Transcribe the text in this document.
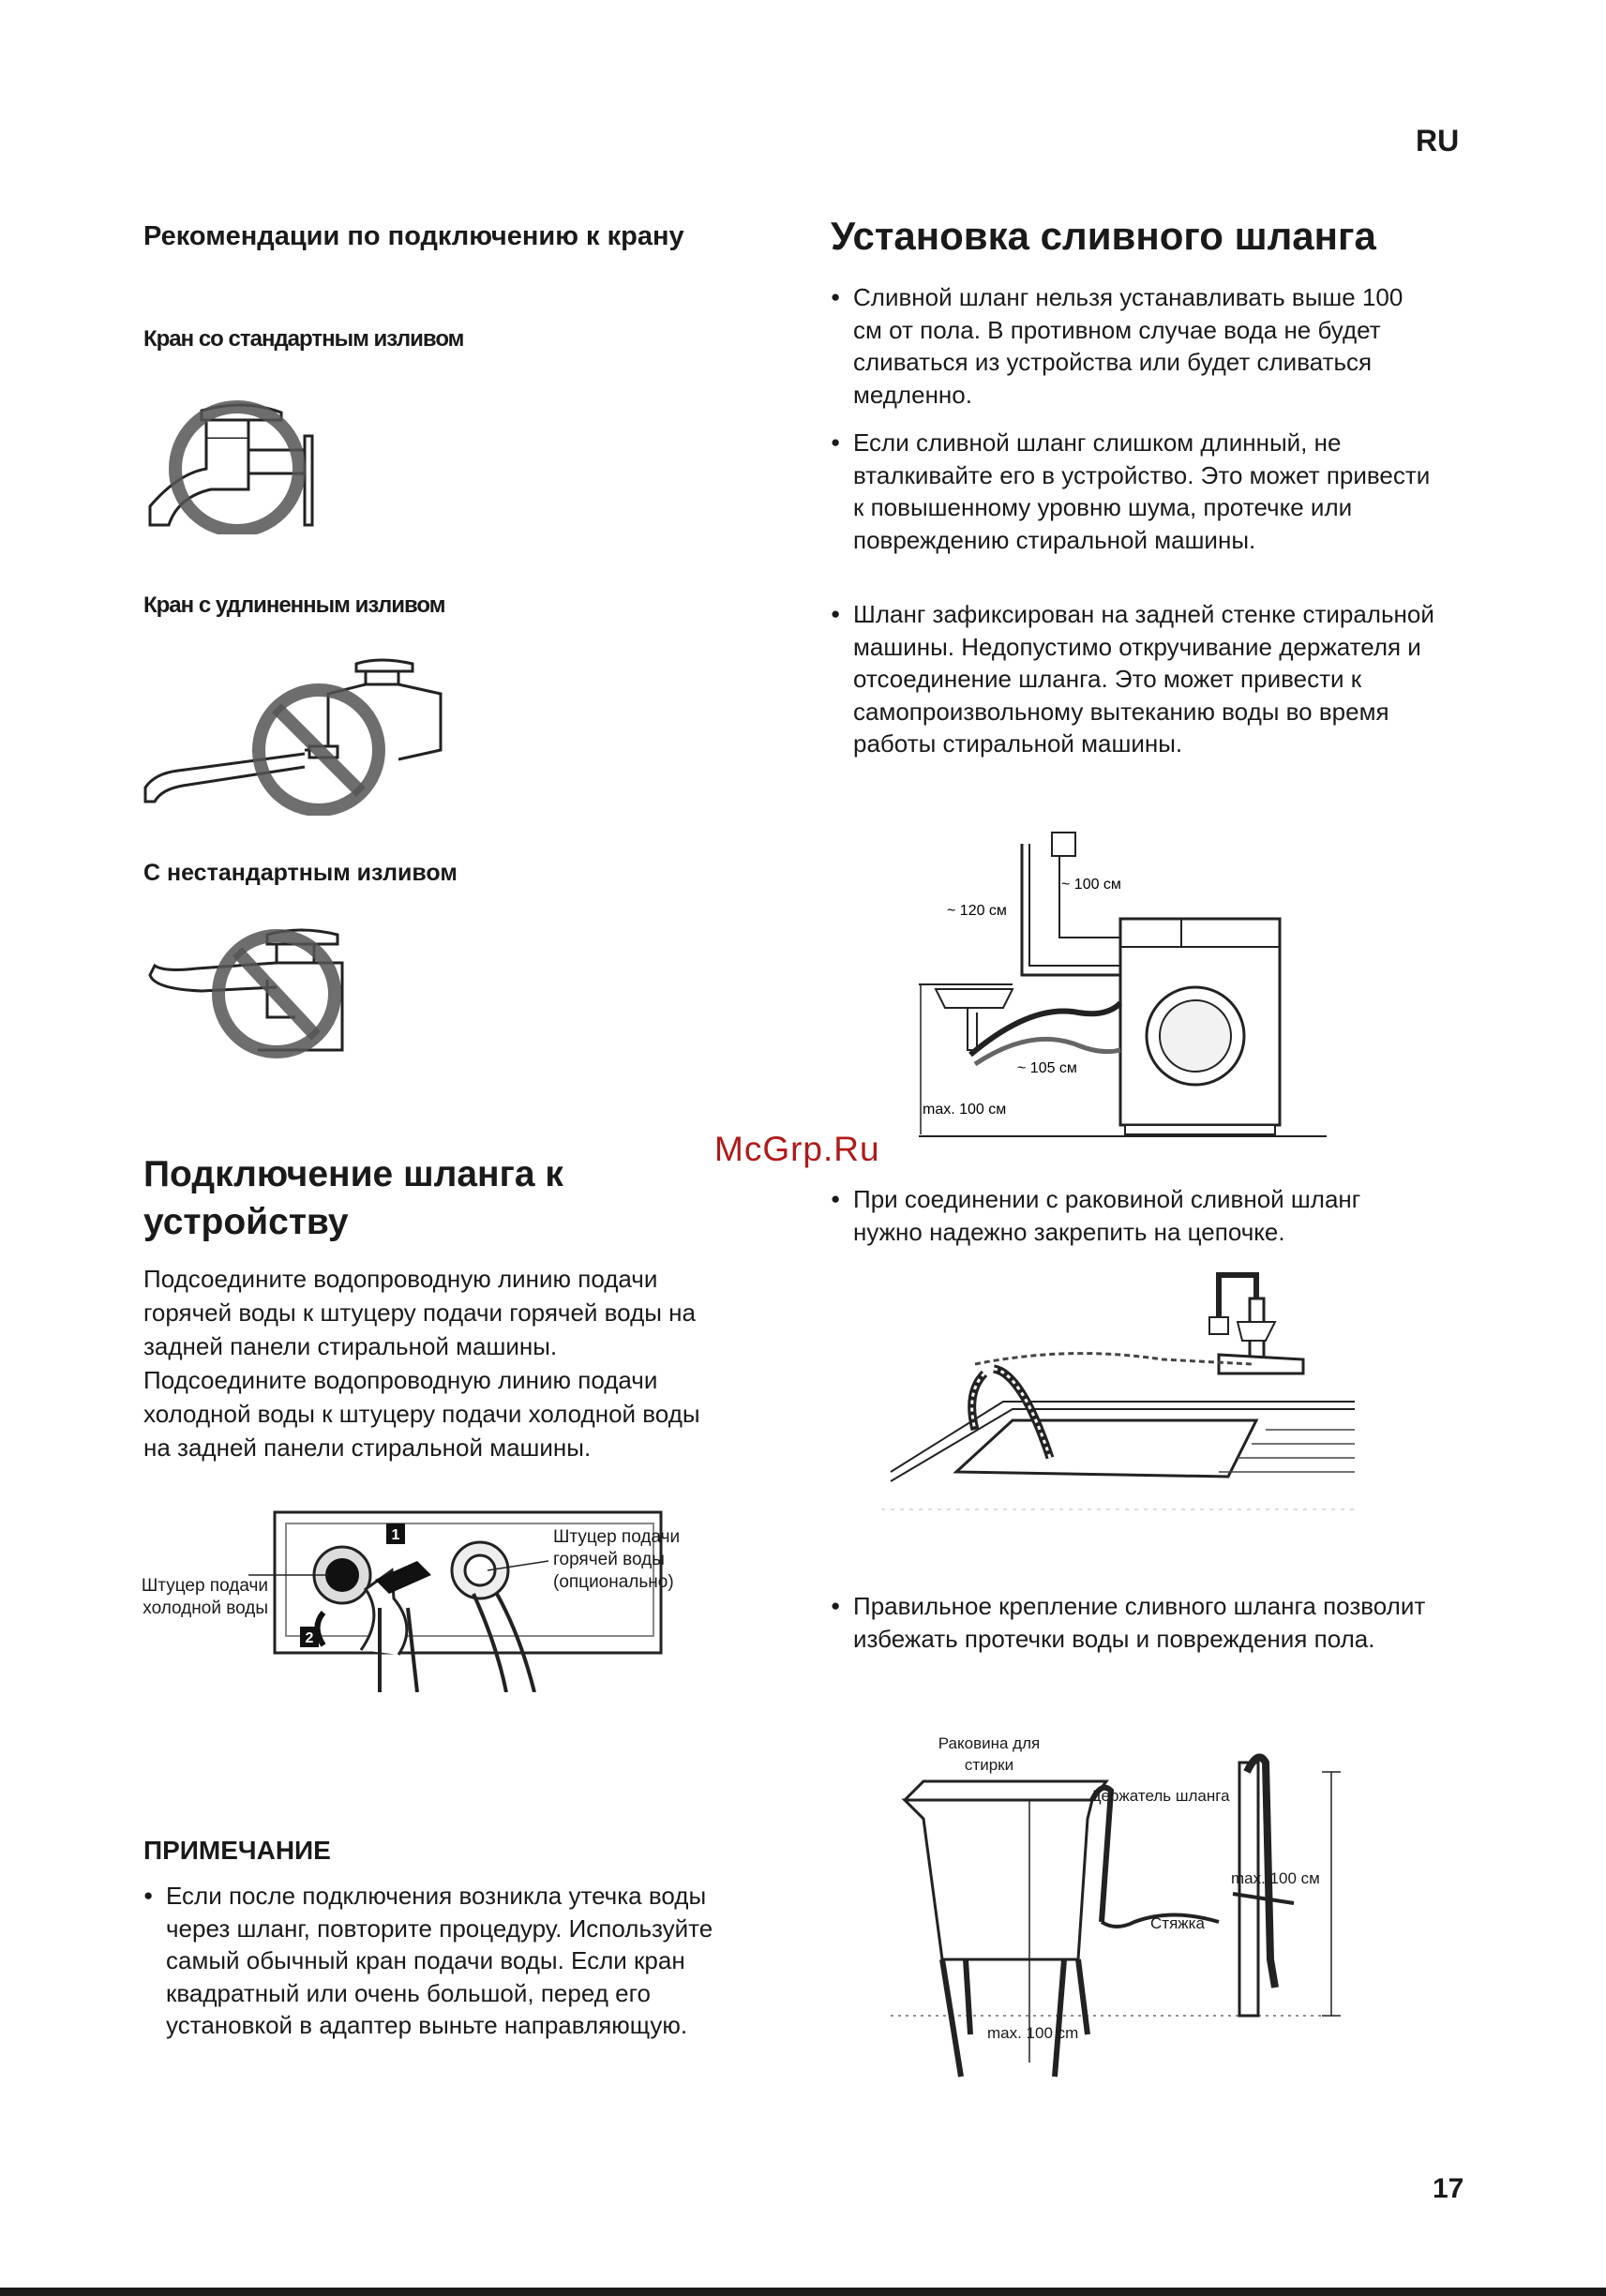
RU
17
McGrp.Ru
Рекомендации по подключению к крану
Кран со стандартным изливом
Кран с удлиненным изливом
С нестандартным изливом
Подключение шланга к устройству
Подсоедините водопроводную линию подачи горячей воды к штуцеру подачи горячей воды на задней панели стиральной машины. Подсоедините водопроводную линию подачи холодной воды к штуцеру подачи холодной воды на задней панели стиральной машины.
1
2
Штуцер подачи холодной воды
Штуцер подачи горячей воды (опционально)
ПРИМЕЧАНИЕ
● Если после подключения возникла утечка воды через шланг, повторите процедуру. Используйте самый обычный кран подачи воды. Если кран квадратный или очень большой, перед его установкой в адаптер выньте направляющую.
Установка сливного шланга
● Сливной шланг нельзя устанавливать выше 100 см от пола. В противном случае вода не будет сливаться из устройства или будет сливаться медленно.
● Если сливной шланг слишком длинный, не вталкивайте его в устройство. Это может привести к повышенному уровню шума, протечке или повреждению стиральной машины.
● Шланг зафиксирован на задней стенке стиральной машины. Недопустимо откручивание держателя и отсоединение шланга. Это может привести к самопроизвольному вытеканию воды во время работы стиральной машины.
~ 100 см
~ 120 см
~ 105 см
max. 100 см
● При соединении с раковиной сливной шланг нужно надежно закрепить на цепочке.
● Правильное крепление сливного шланга позволит избежать протечки воды и повреждения пола.
Раковина для стирки
Держатель шланга
max. 100 см
Стяжка
max. 100 cm
